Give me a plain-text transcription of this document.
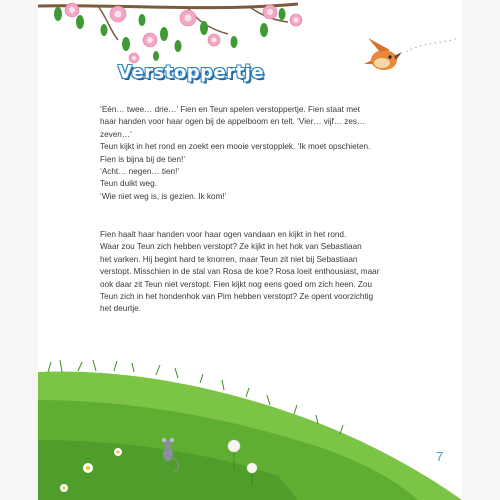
Verstoppertje

‘Eén… twee… drie…’ Fien en Teun spelen verstoppertje. Fien staat met

haar handen voor haar ogen bij de appelboom en telt. ‘Vier… vijf… zes…

zeven…’

Teun kijkt in het rond en zoekt een mooie verstopplek. ‘Ik moet opschieten.

Fien is bijna bij de tien!’

‘Acht… negen… tien!’

Teun duikt weg.

‘Wie niet weg is, is gezien. Ik kom!’

Fien haalt haar handen voor haar ogen vandaan en kijkt in het rond.

Waar zou Teun zich hebben verstopt? Ze kijkt in het hok van Sebastiaan

het varken. Hij begint hard te knorren, maar Teun zit niet bij Sebastiaan

verstopt. Misschien in de stal van Rosa de koe? Rosa loeit enthousiast, maar

ook daar zit Teun niet verstopt. Fien kijkt nog eens goed om zich heen. Zou

Teun zich in het hondenhok van Pim hebben verstopt? Ze opent voorzichtig

het deurtje.

7
